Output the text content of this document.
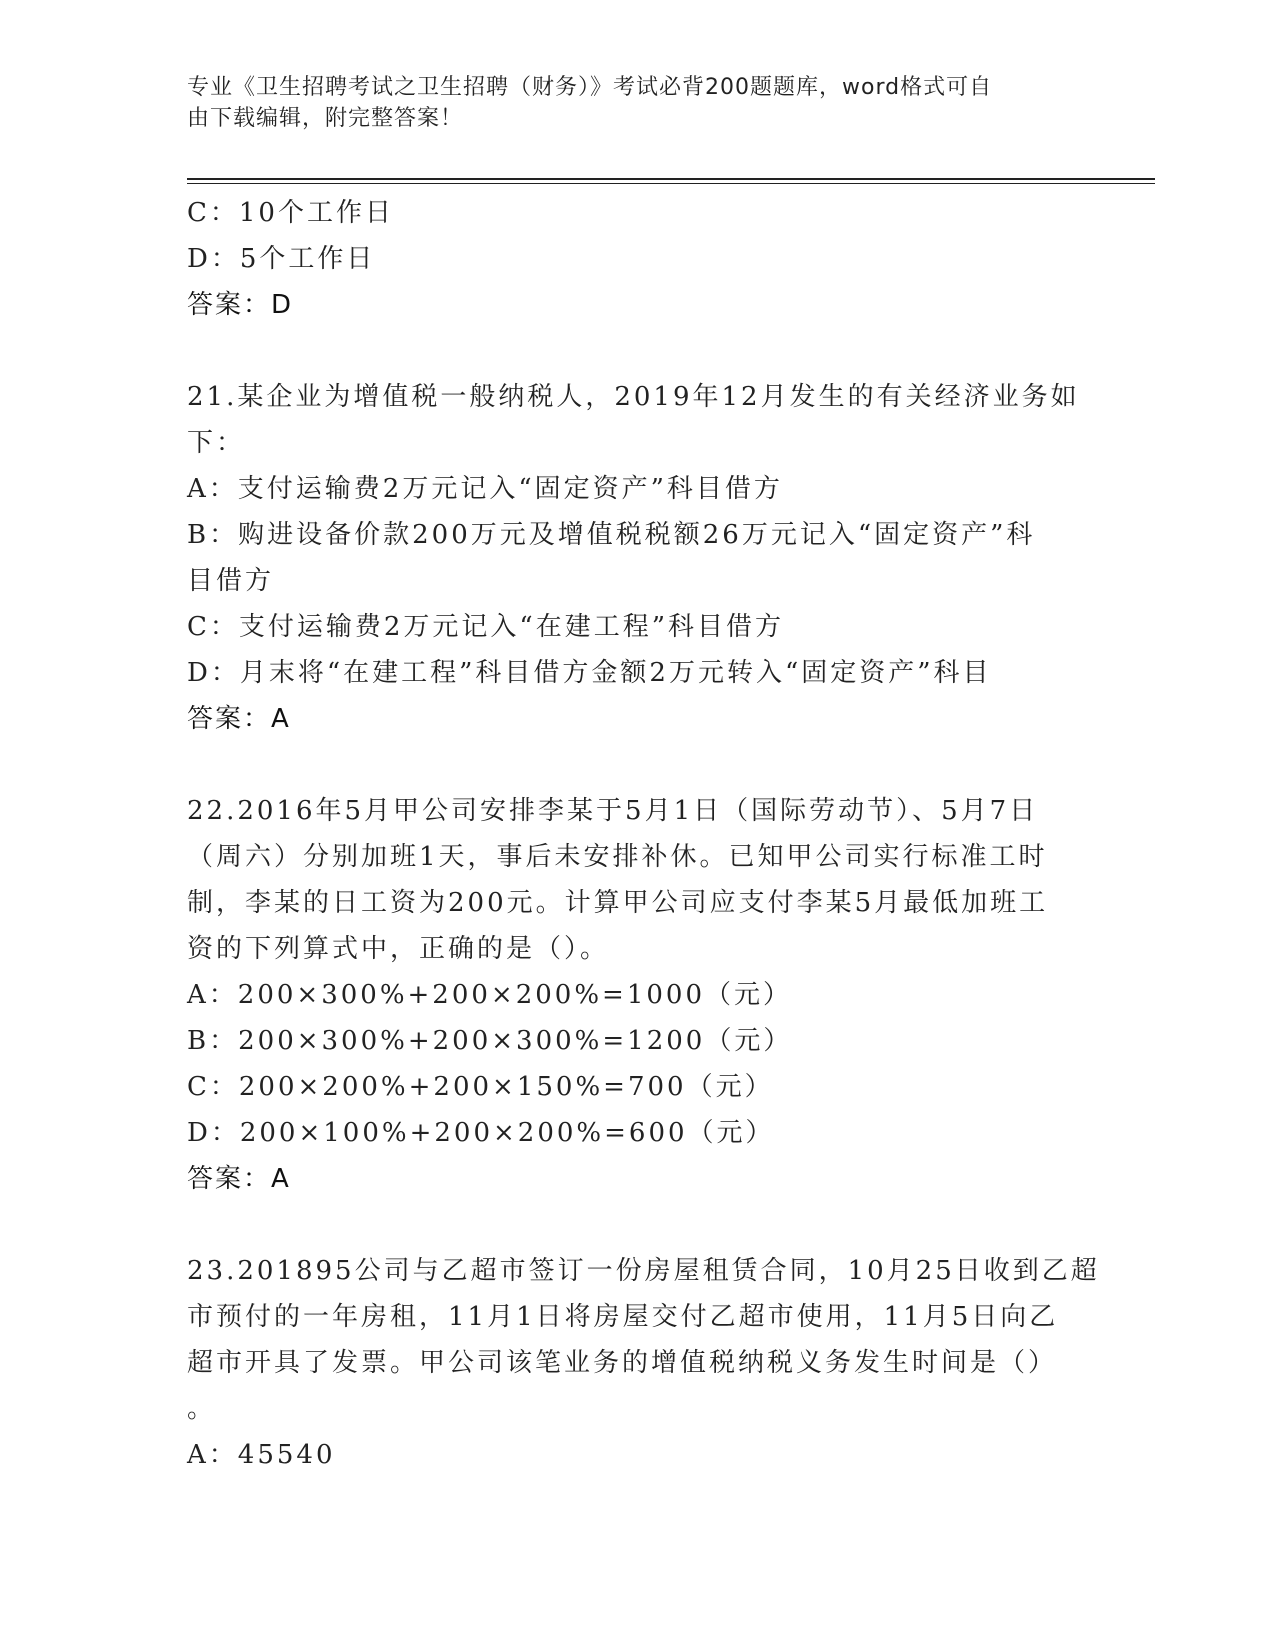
专业《卫生招聘考试之卫生招聘（财务）》考试必背200题题库，word格式可自
由下载编辑，附完整答案！
C：10个工作日
D：5个工作日
答案：D
21.某企业为增值税一般纳税人，2019年12月发生的有关经济业务如
下：
A：支付运输费2万元记入“固定资产”科目借方
B：购进设备价款200万元及增值税税额26万元记入“固定资产”科
目借方
C：支付运输费2万元记入“在建工程”科目借方
D：月末将“在建工程”科目借方金额2万元转入“固定资产”科目
答案：A
22.2016年5月甲公司安排李某于5月1日（国际劳动节）、5月7日
（周六）分别加班1天，事后未安排补休。已知甲公司实行标准工时
制，李某的日工资为200元。计算甲公司应支付李某5月最低加班工
资的下列算式中，正确的是（）。
A：200×300%+200×200%=1000（元）
B：200×300%+200×300%=1200（元）
C：200×200%+200×150%=700（元）
D：200×100%+200×200%=600（元）
答案：A
23.201895公司与乙超市签订一份房屋租赁合同，10月25日收到乙超
市预付的一年房租，11月1日将房屋交付乙超市使用，11月5日向乙
超市开具了发票。甲公司该笔业务的增值税纳税义务发生时间是（）
。
A：45540
